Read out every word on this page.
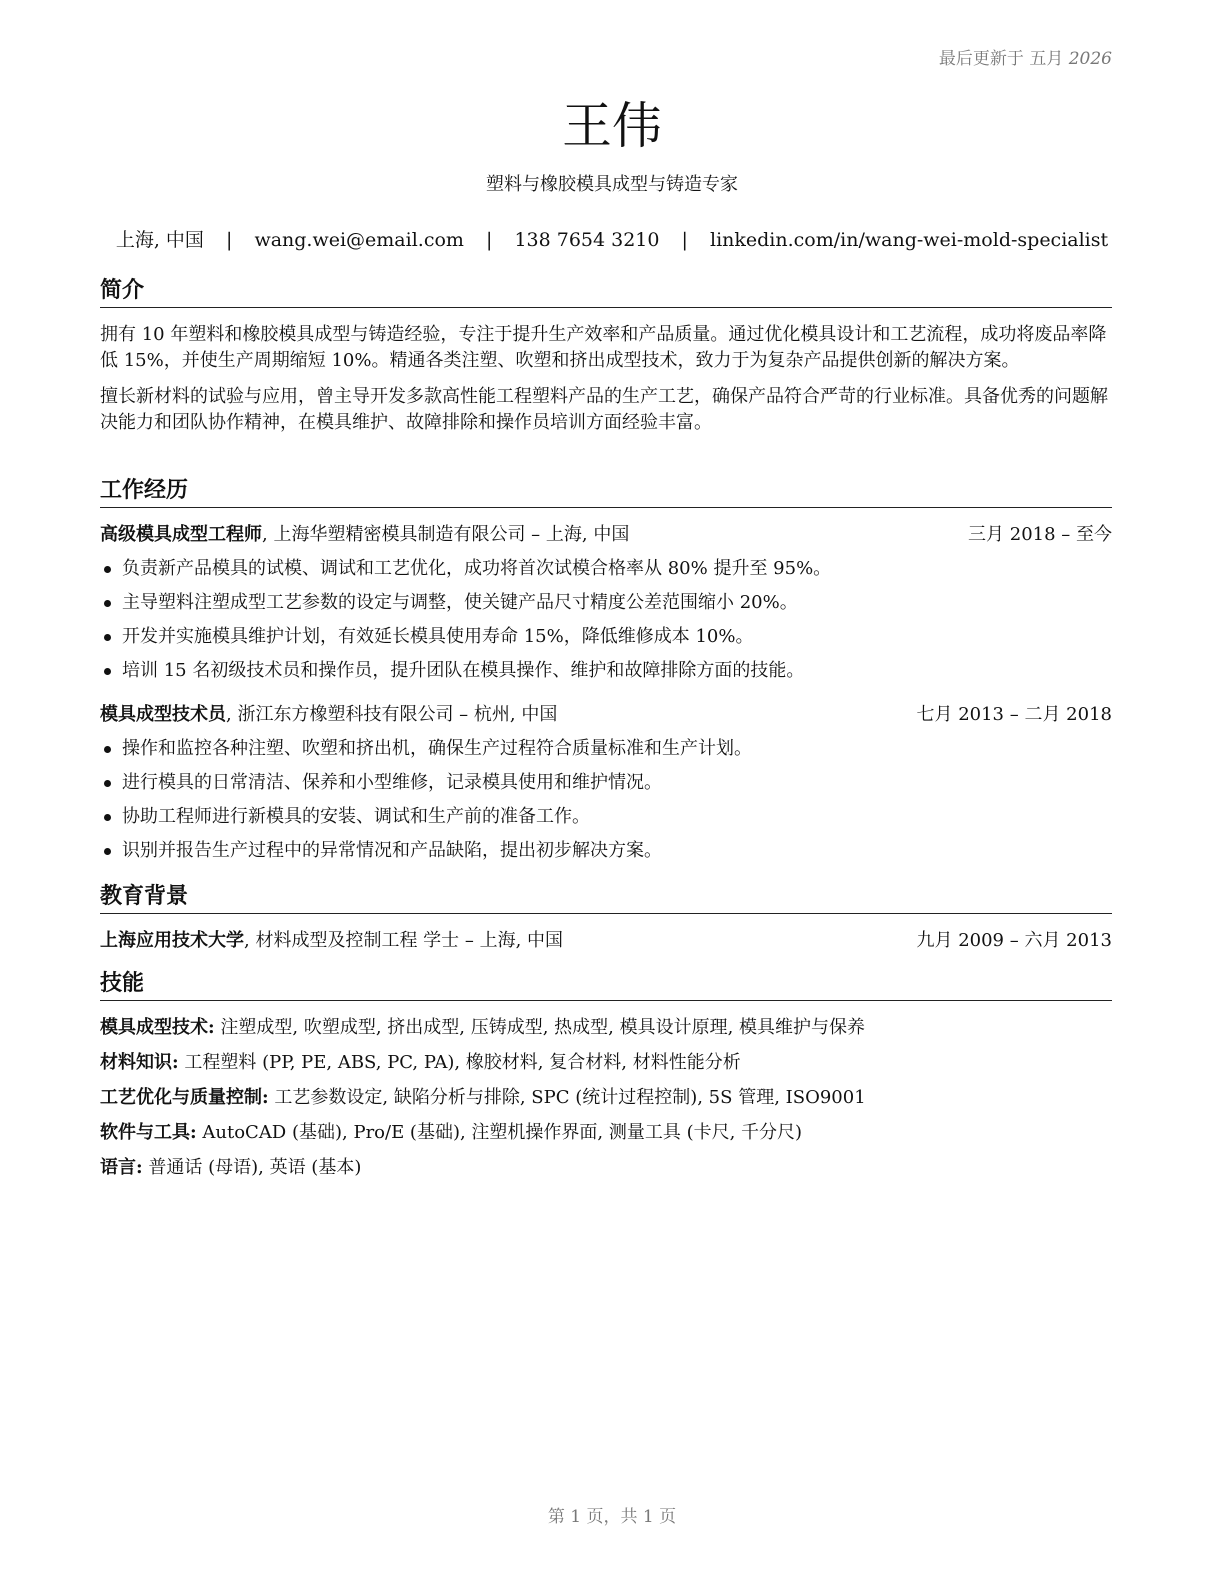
最后更新于 五月 2026
王伟
塑料与橡胶模具成型与铸造专家
上海, 中国 | wang.wei@email.com | 138 7654 3210 | linkedin.com/in/wang-wei-mold-specialist
简介

拥有 10 年塑料和橡胶模具成型与铸造经验，专注于提升生产效率和产品质量。通过优化模具设计和工艺流程，成功将废品率降低 15%，并使生产周期缩短 10%。精通各类注塑、吹塑和挤出成型技术，致力于为复杂产品提供创新的解决方案。

擅长新材料的试验与应用，曾主导开发多款高性能工程塑料产品的生产工艺，确保产品符合严苛的行业标准。具备优秀的问题解决能力和团队协作精神，在模具维护、故障排除和操作员培训方面经验丰富。

工作经历
高级模具成型工程师, 上海华塑精密模具制造有限公司 – 上海, 中国	三月 2018 – 至今
负责新产品模具的试模、调试和工艺优化，成功将首次试模合格率从 80% 提升至 95%。
主导塑料注塑成型工艺参数的设定与调整，使关键产品尺寸精度公差范围缩小 20%。
开发并实施模具维护计划，有效延长模具使用寿命 15%，降低维修成本 10%。
培训 15 名初级技术员和操作员，提升团队在模具操作、维护和故障排除方面的技能。
模具成型技术员, 浙江东方橡塑科技有限公司 – 杭州, 中国	七月 2013 – 二月 2018
操作和监控各种注塑、吹塑和挤出机，确保生产过程符合质量标准和生产计划。
进行模具的日常清洁、保养和小型维修，记录模具使用和维护情况。
协助工程师进行新模具的安装、调试和生产前的准备工作。
识别并报告生产过程中的异常情况和产品缺陷，提出初步解决方案。
教育背景
上海应用技术大学, 材料成型及控制工程 学士 – 上海, 中国	九月 2009 – 六月 2013
技能
模具成型技术: 注塑成型, 吹塑成型, 挤出成型, 压铸成型, 热成型, 模具设计原理, 模具维护与保养
材料知识: 工程塑料 (PP, PE, ABS, PC, PA), 橡胶材料, 复合材料, 材料性能分析
工艺优化与质量控制: 工艺参数设定, 缺陷分析与排除, SPC (统计过程控制), 5S 管理, ISO9001
软件与工具: AutoCAD (基础), Pro/E (基础), 注塑机操作界面, 测量工具 (卡尺, 千分尺)
语言: 普通话 (母语), 英语 (基本)
第 1 页，共 1 页
